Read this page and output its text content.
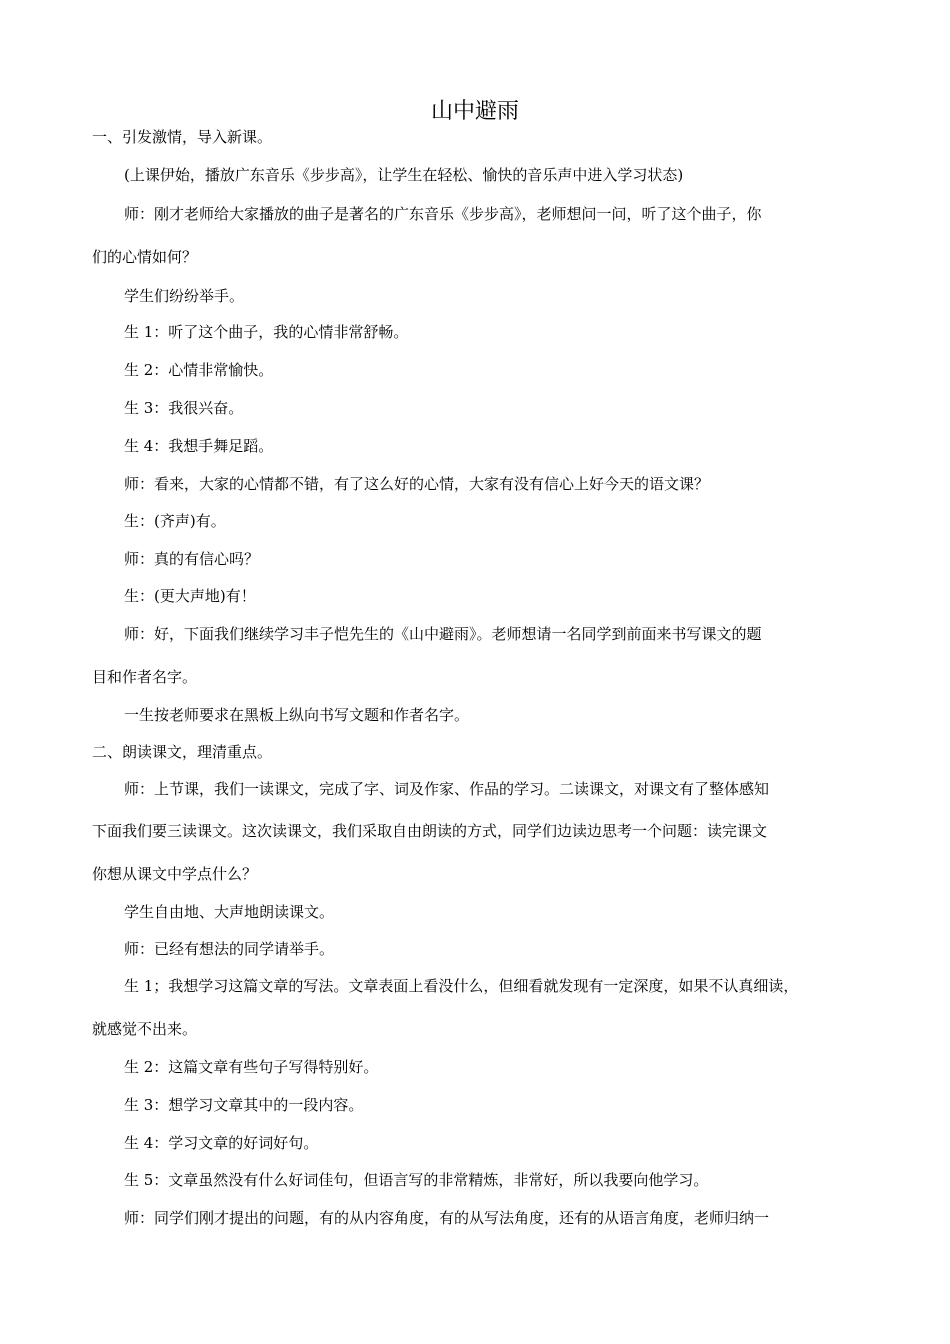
山中避雨

一、引发激情，导入新课。

(上课伊始，播放广东音乐《步步高》，让学生在轻松、愉快的音乐声中进入学习状态)

师：刚才老师给大家播放的曲子是著名的广东音乐《步步高》，老师想问一问，听了这个曲子，你

们的心情如何？

学生们纷纷举手。

生 1：听了这个曲子，我的心情非常舒畅。

生 2：心情非常愉快。

生 3：我很兴奋。

生 4：我想手舞足蹈。

师：看来，大家的心情都不错，有了这么好的心情，大家有没有信心上好今天的语文课？

生：(齐声)有。

师：真的有信心吗？

生：(更大声地)有！

师：好，下面我们继续学习丰子恺先生的《山中避雨》。老师想请一名同学到前面来书写课文的题

目和作者名字。

一生按老师要求在黑板上纵向书写文题和作者名字。

二、朗读课文，理清重点。

师：上节课，我们一读课文，完成了字、词及作家、作品的学习。二读课文，对课文有了整体感知

下面我们要三读课文。这次读课文，我们采取自由朗读的方式，同学们边读边思考一个问题：读完课文

你想从课文中学点什么？

学生自由地、大声地朗读课文。

师：已经有想法的同学请举手。

生 1；我想学习这篇文章的写法。文章表面上看没什么，但细看就发现有一定深度，如果不认真细读，

就感觉不出来。

生 2：这篇文章有些句子写得特别好。

生 3：想学习文章其中的一段内容。

生 4：学习文章的好词好句。

生 5：文章虽然没有什么好词佳句，但语言写的非常精炼，非常好，所以我要向他学习。

师：同学们刚才提出的问题，有的从内容角度，有的从写法角度，还有的从语言角度，老师归纳一
